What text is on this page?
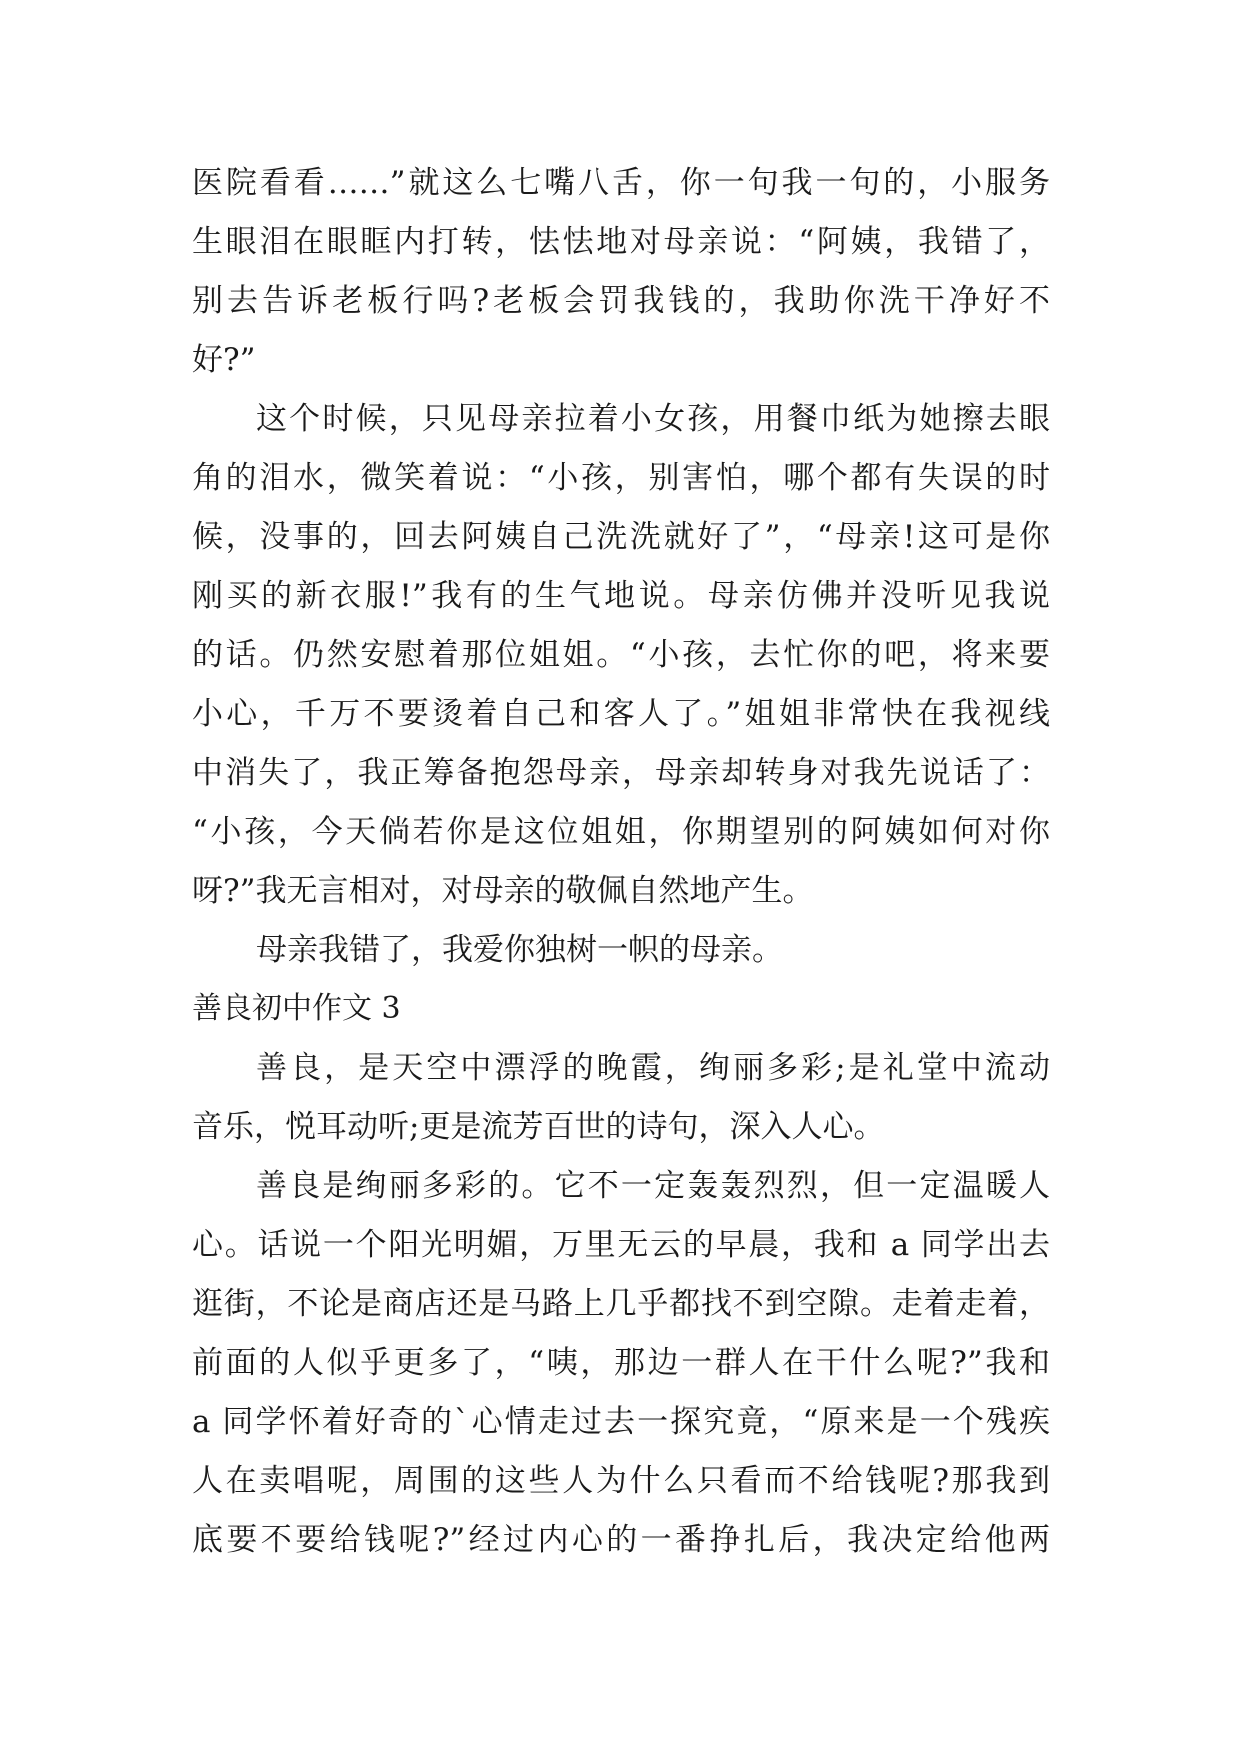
医院看看……”就这么七嘴八舌，你一句我一句的，小服务

生眼泪在眼眶内打转，怯怯地对母亲说：“阿姨，我错了，

别去告诉老板行吗?老板会罚我钱的，我助你洗干净好不

好?”

这个时候，只见母亲拉着小女孩，用餐巾纸为她擦去眼

角的泪水，微笑着说：“小孩，别害怕，哪个都有失误的时

候，没事的，回去阿姨自己洗洗就好了”，“母亲!这可是你

刚买的新衣服!”我有的生气地说。母亲仿佛并没听见我说

的话。仍然安慰着那位姐姐。“小孩，去忙你的吧，将来要

小心，千万不要烫着自己和客人了。”姐姐非常快在我视线

中消失了，我正筹备抱怨母亲，母亲却转身对我先说话了：

“小孩，今天倘若你是这位姐姐，你期望别的阿姨如何对你

呀?”我无言相对，对母亲的敬佩自然地产生。

母亲我错了，我爱你独树一帜的母亲。

善良初中作文 3

善良，是天空中漂浮的晚霞，绚丽多彩;是礼堂中流动

音乐，悦耳动听;更是流芳百世的诗句，深入人心。

善良是绚丽多彩的。它不一定轰轰烈烈，但一定温暖人

心。话说一个阳光明媚，万里无云的早晨，我和 a 同学出去

逛街，不论是商店还是马路上几乎都找不到空隙。走着走着，

前面的人似乎更多了，“咦，那边一群人在干什么呢?”我和

a 同学怀着好奇的`心情走过去一探究竟，“原来是一个残疾

人在卖唱呢，周围的这些人为什么只看而不给钱呢?那我到

底要不要给钱呢?”经过内心的一番挣扎后，我决定给他两
